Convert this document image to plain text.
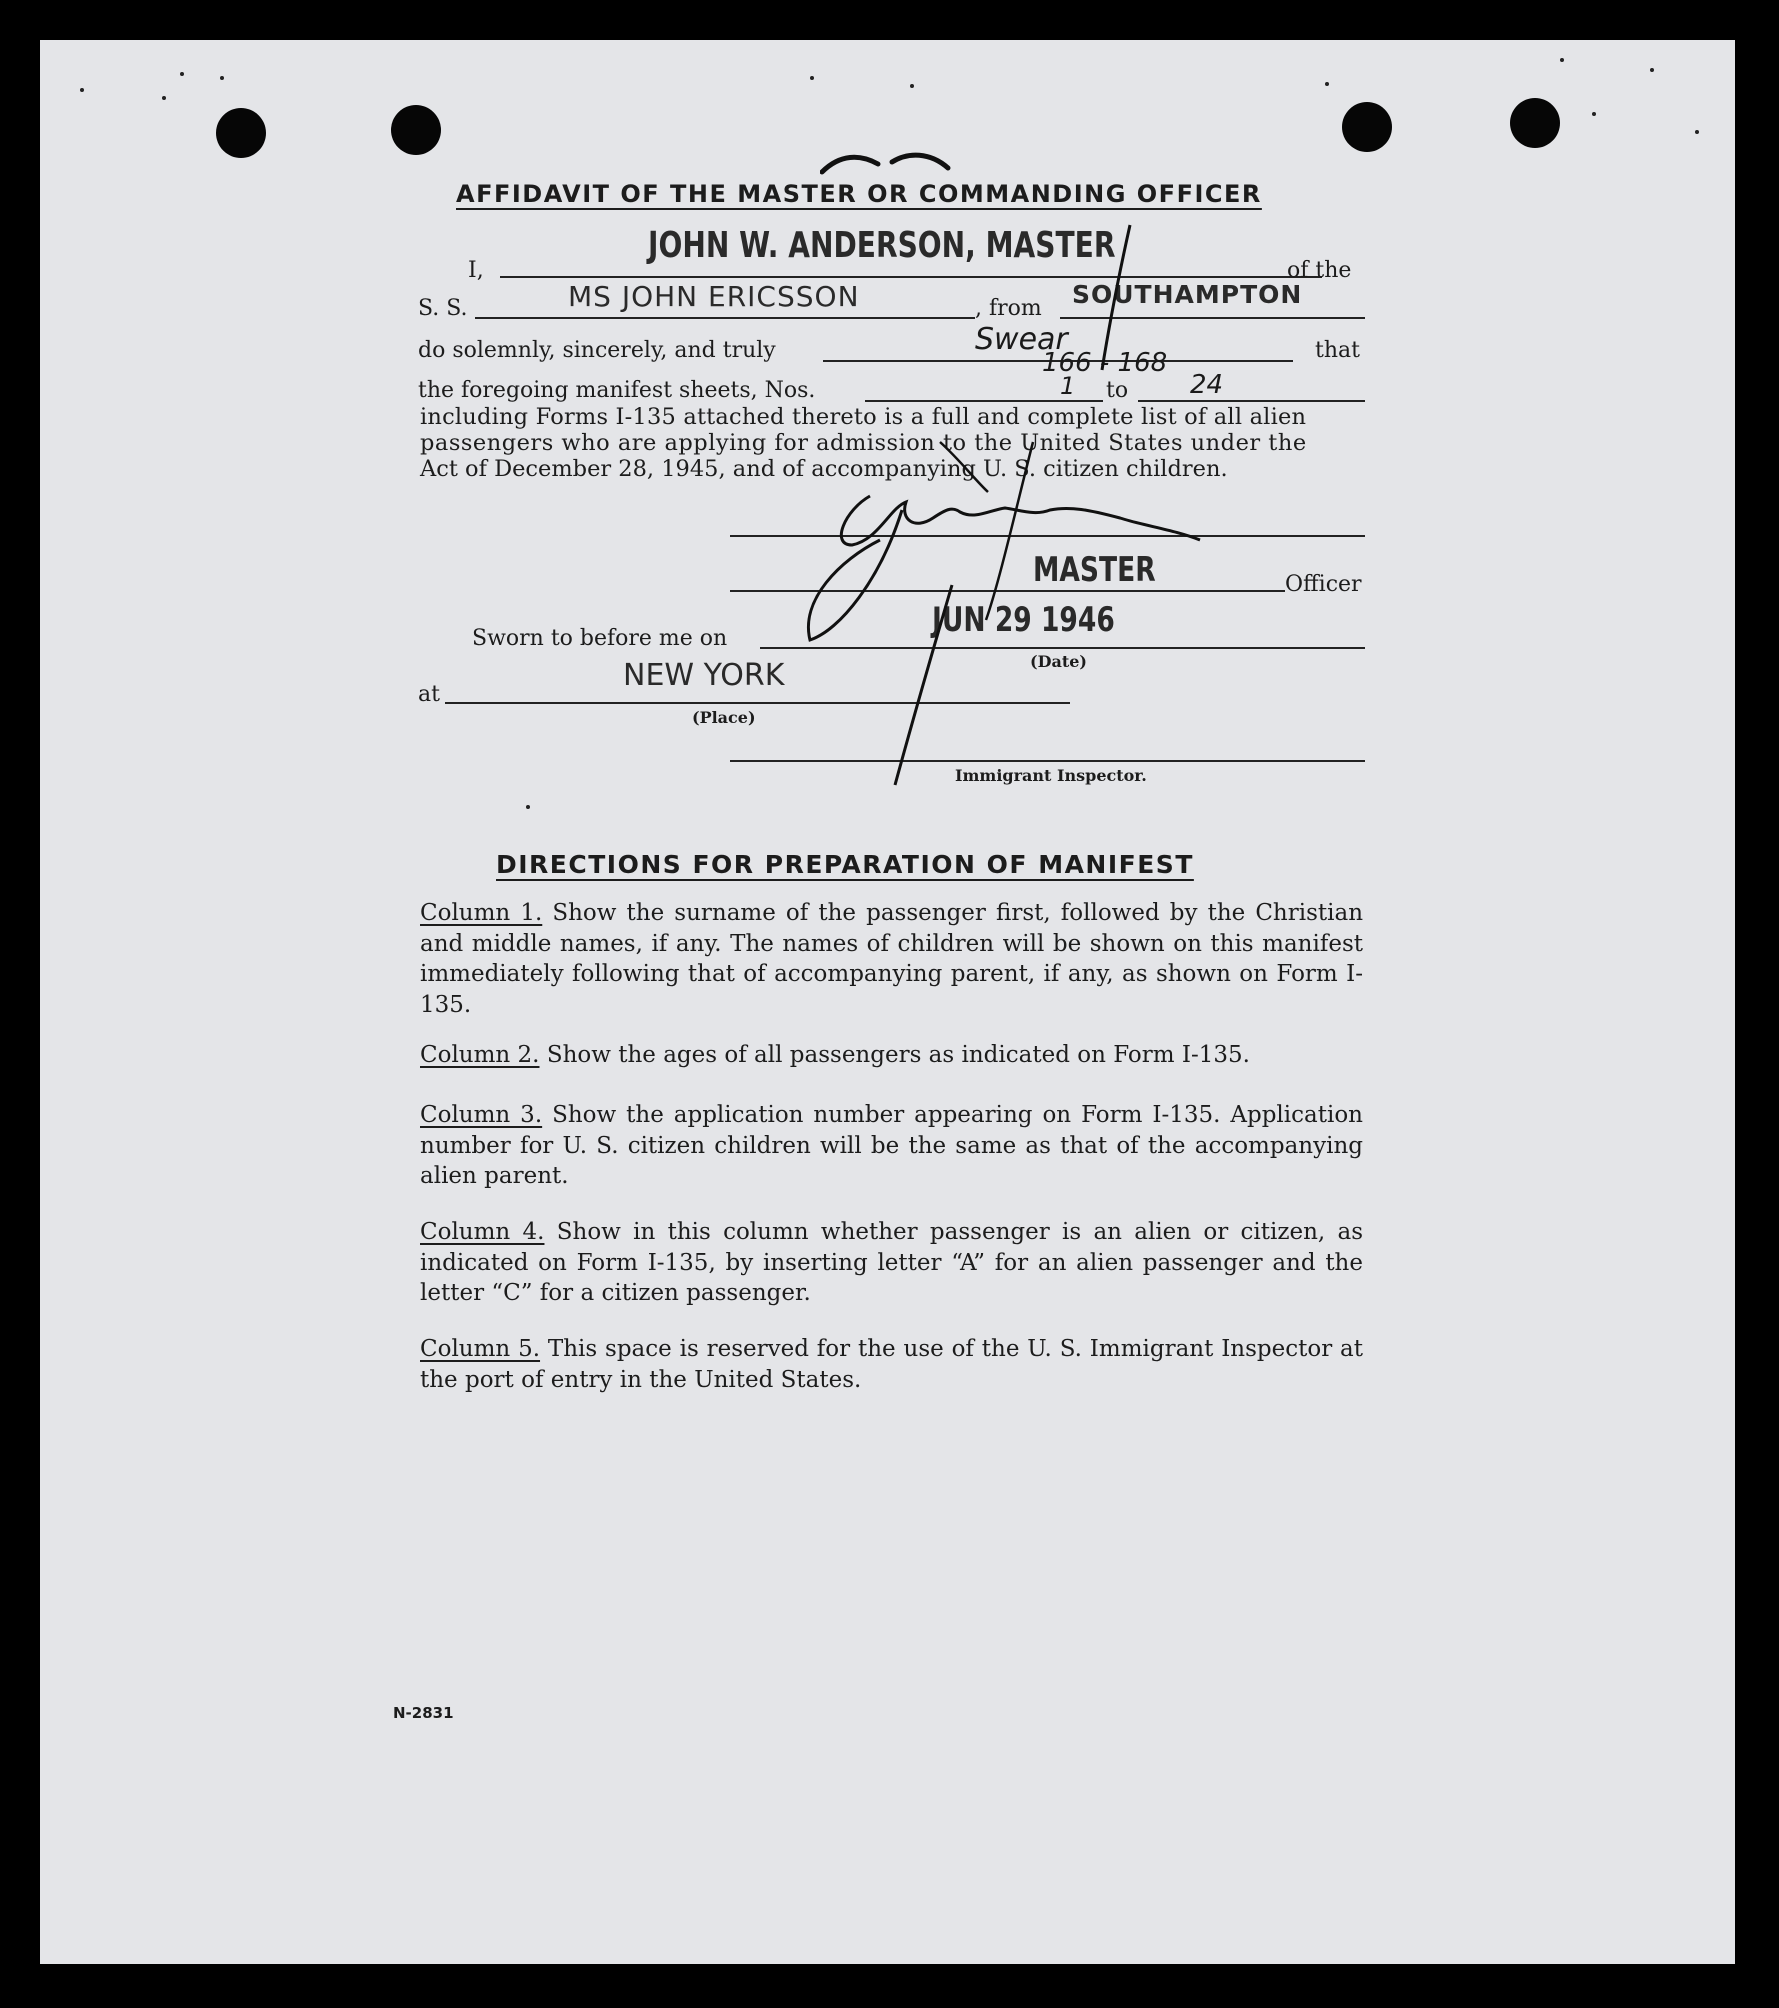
AFFIDAVIT OF THE MASTER OR COMMANDING OFFICER
I,
JOHN W. ANDERSON, MASTER
of the
S. S.	MS JOHN ERICSSON	, from SOUTHAMPTON
do solemnly, sincerely, and truly	Swear	that
the foregoing manifest sheets, Nos.
166 - 168
1 to 24
including Forms I-135 attached thereto is a full and complete list of all alien
passengers who are applying for admission to the United States under the
Act of December 28, 1945, and of accompanying U. S. citizen children.
MASTER	Officer
Sworn to before me on	JUN 29 1946
(Date)
at
NEW YORK
(Place)
Immigrant Inspector.
DIRECTIONS FOR PREPARATION OF MANIFEST
Column 1. Show the surname of the passenger first, followed by the Christian and middle names, if any. The names of children will be shown on this manifest immediately following that of accompanying parent, if any, as shown on Form I-135.
Column 2. Show the ages of all passengers as indicated on Form I-135.
Column 3. Show the application number appearing on Form I-135. Application number for U. S. citizen children will be the same as that of the accompanying alien parent.
Column 4. Show in this column whether passenger is an alien or citizen, as indicated on Form I-135, by inserting letter “A” for an alien passenger and the letter “C” for a citizen passenger.
Column 5. This space is reserved for the use of the U. S. Immigrant Inspector at the port of entry in the United States.
N-2831
